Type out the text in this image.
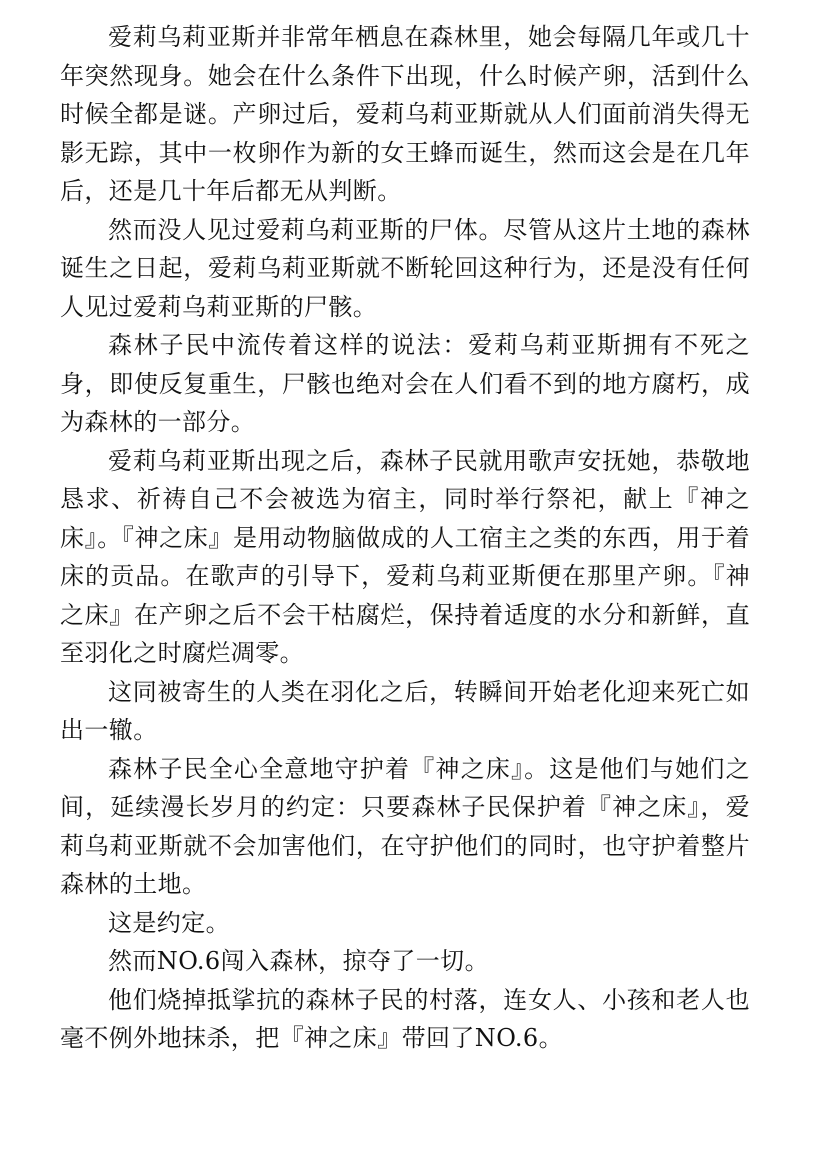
爱莉乌莉亚斯并非常年栖息在森林里，她会每隔几年或几十年突然现身。她会在什么条件下出现，什么时候产卵，活到什么时候全都是谜。产卵过后，爱莉乌莉亚斯就从人们面前消失得无影无踪，其中一枚卵作为新的女王蜂而诞生，然而这会是在几年后，还是几十年后都无从判断。

然而没人见过爱莉乌莉亚斯的尸体。尽管从这片土地的森林诞生之日起，爱莉乌莉亚斯就不断轮回这种行为，还是没有任何人见过爱莉乌莉亚斯的尸骸。

森林子民中流传着这样的说法：爱莉乌莉亚斯拥有不死之身，即使反复重生，尸骸也绝对会在人们看不到的地方腐朽，成为森林的一部分。

爱莉乌莉亚斯出现之后，森林子民就用歌声安抚她，恭敬地恳求、祈祷自己不会被选为宿主，同时举行祭祀，献上『神之床』。『神之床』是用动物脑做成的人工宿主之类的东西，用于着床的贡品。在歌声的引导下，爱莉乌莉亚斯便在那里产卵。『神之床』在产卵之后不会干枯腐烂，保持着适度的水分和新鲜，直至羽化之时腐烂凋零。

这同被寄生的人类在羽化之后，转瞬间开始老化迎来死亡如出一辙。

森林子民全心全意地守护着『神之床』。这是他们与她们之间，延续漫长岁月的约定：只要森林子民保护着『神之床』，爱莉乌莉亚斯就不会加害他们，在守护他们的同时，也守护着整片森林的土地。

这是约定。

然而NO.6闯入森林，掠夺了一切。

他们烧掉抵挲抗的森林子民的村落，连女人、小孩和老人也毫不例外地抹杀，把『神之床』带回了NO.6。
